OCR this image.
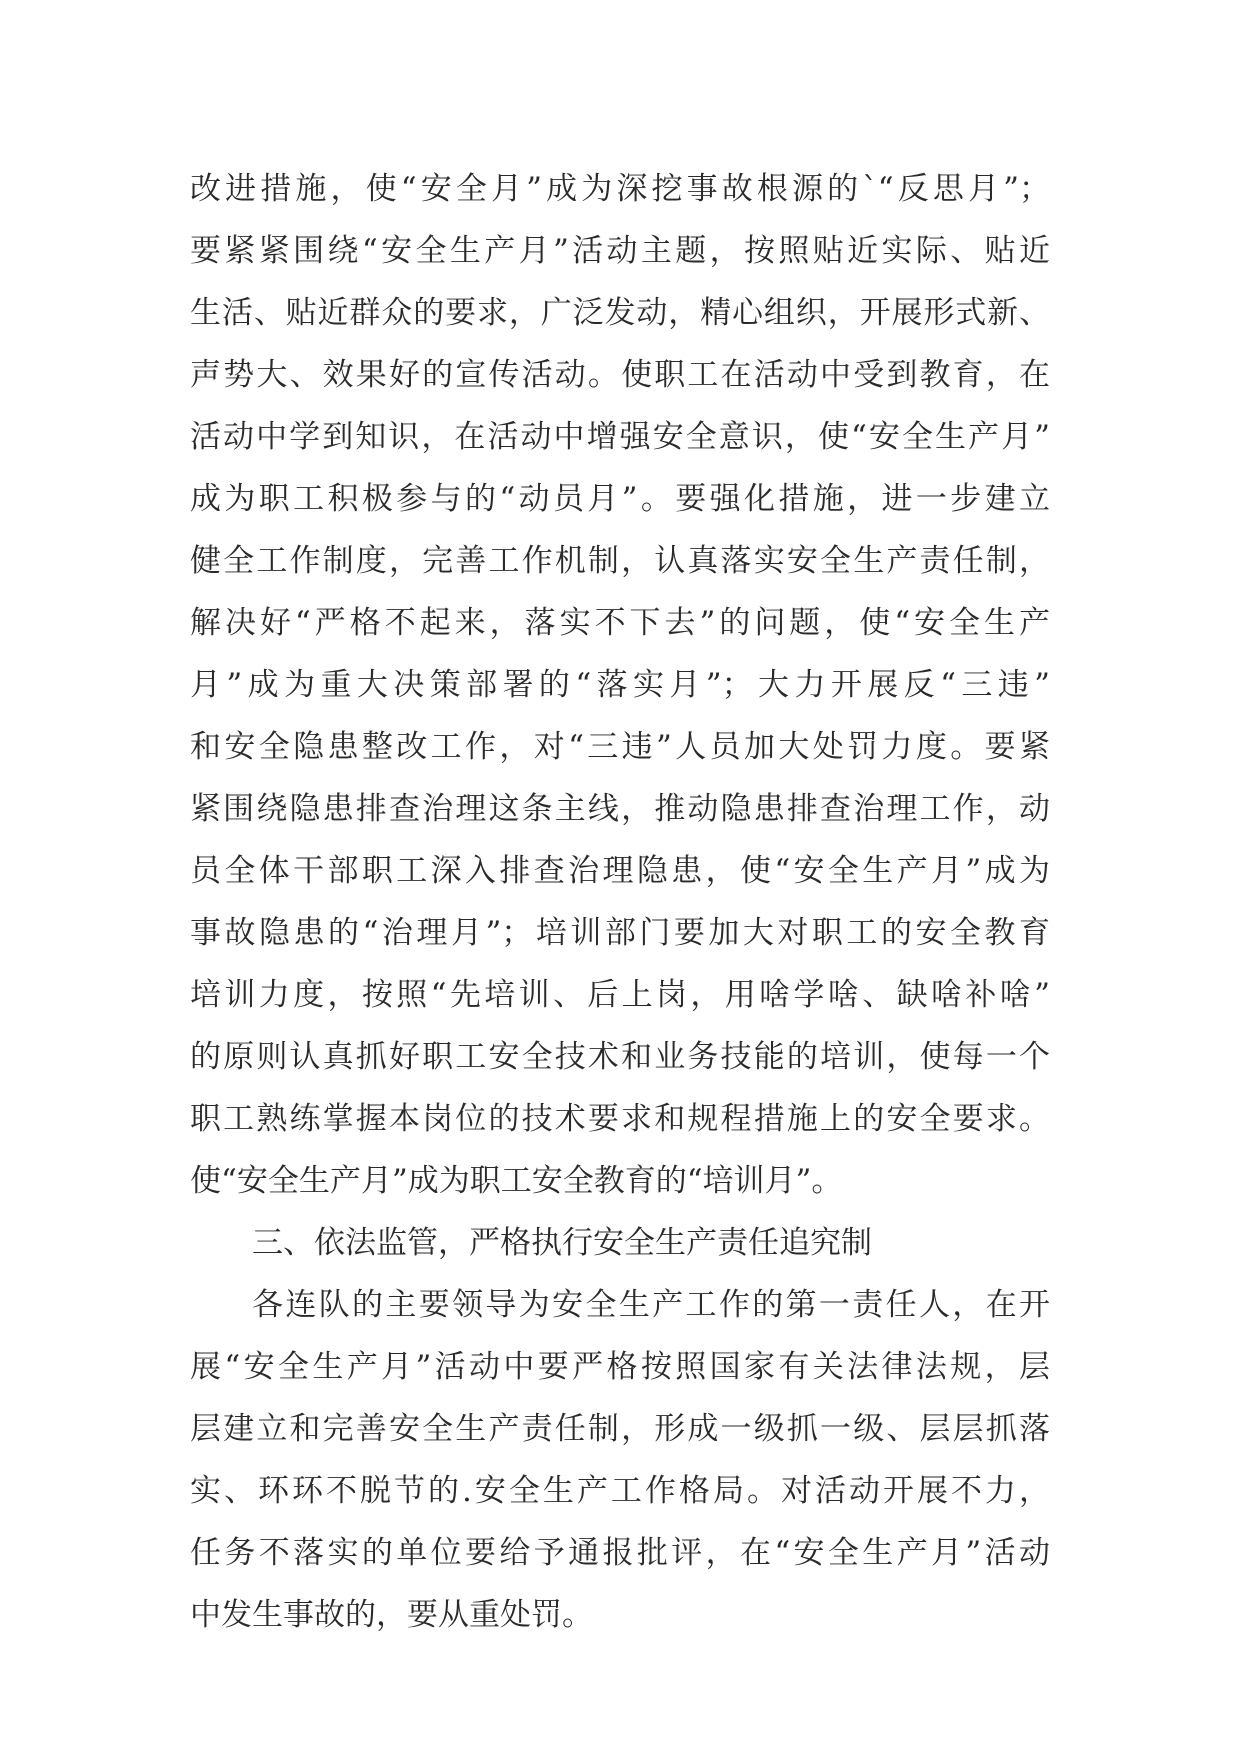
改进措施，使“安全月”成为深挖事故根源的`“反思月”；
要紧紧围绕“安全生产月”活动主题，按照贴近实际、贴近
生活、贴近群众的要求，广泛发动，精心组织，开展形式新、
声势大、效果好的宣传活动。使职工在活动中受到教育，在
活动中学到知识，在活动中增强安全意识，使“安全生产月”
成为职工积极参与的“动员月”。要强化措施，进一步建立
健全工作制度，完善工作机制，认真落实安全生产责任制，
解决好“严格不起来，落实不下去”的问题，使“安全生产
月”成为重大决策部署的“落实月”；大力开展反“三违”
和安全隐患整改工作，对“三违”人员加大处罚力度。要紧
紧围绕隐患排查治理这条主线，推动隐患排查治理工作，动
员全体干部职工深入排查治理隐患，使“安全生产月”成为
事故隐患的“治理月”；培训部门要加大对职工的安全教育
培训力度，按照“先培训、后上岗，用啥学啥、缺啥补啥”
的原则认真抓好职工安全技术和业务技能的培训，使每一个
职工熟练掌握本岗位的技术要求和规程措施上的安全要求。
使“安全生产月”成为职工安全教育的“培训月”。
三、依法监管，严格执行安全生产责任追究制
各连队的主要领导为安全生产工作的第一责任人，在开
展“安全生产月”活动中要严格按照国家有关法律法规，层
层建立和完善安全生产责任制，形成一级抓一级、层层抓落
实、环环不脱节的.安全生产工作格局。对活动开展不力，
任务不落实的单位要给予通报批评，在“安全生产月”活动
中发生事故的，要从重处罚。
